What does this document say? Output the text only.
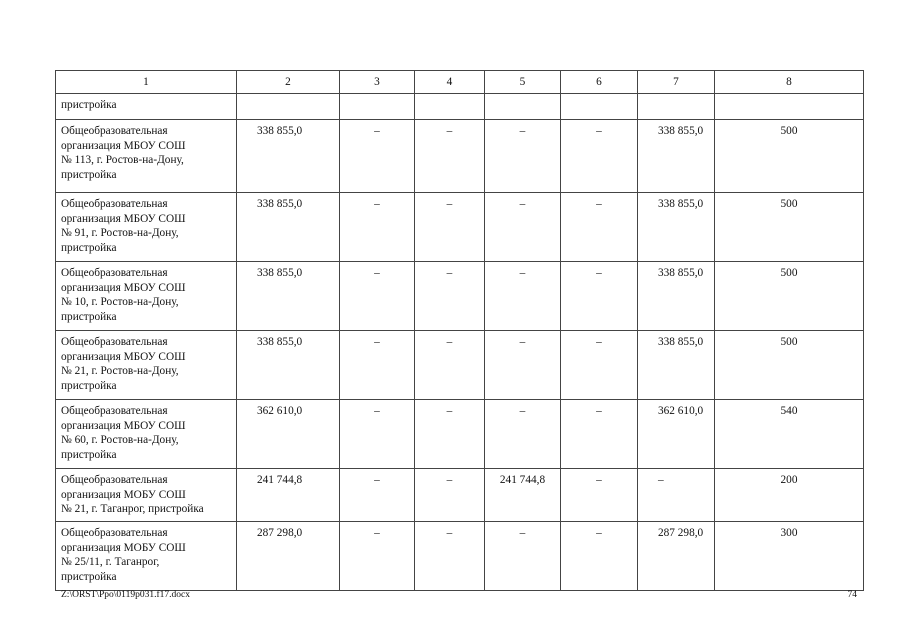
1	2	3	4	5	6	7	8
пристройка							

Общеобразовательная
организация МБОУ СОШ
№ 113, г. Ростов-на-Дону,
пристройка	338 855,0	–	–	–	–	338 855,0	500

Общеобразовательная
организация МБОУ СОШ
№ 91, г. Ростов-на-Дону,
пристройка	338 855,0	–	–	–	–	338 855,0	500

Общеобразовательная
организация МБОУ СОШ
№ 10, г. Ростов-на-Дону,
пристройка	338 855,0	–	–	–	–	338 855,0	500

Общеобразовательная
организация МБОУ СОШ
№ 21, г. Ростов-на-Дону,
пристройка	338 855,0	–	–	–	–	338 855,0	500

Общеобразовательная
организация МБОУ СОШ
№ 60, г. Ростов-на-Дону,
пристройка	362 610,0	–	–	–	–	362 610,0	540

Общеобразовательная
организация МОБУ СОШ
№ 21, г. Таганрог, пристройка	241 744,8	–	–	241 744,8	–	–	200

Общеобразовательная
организация МОБУ СОШ
№ 25/11, г. Таганрог,
пристройка	287 298,0	–	–	–	–	287 298,0	300
Z:\ORST\Ppo\0119p031.f17.docx	74
